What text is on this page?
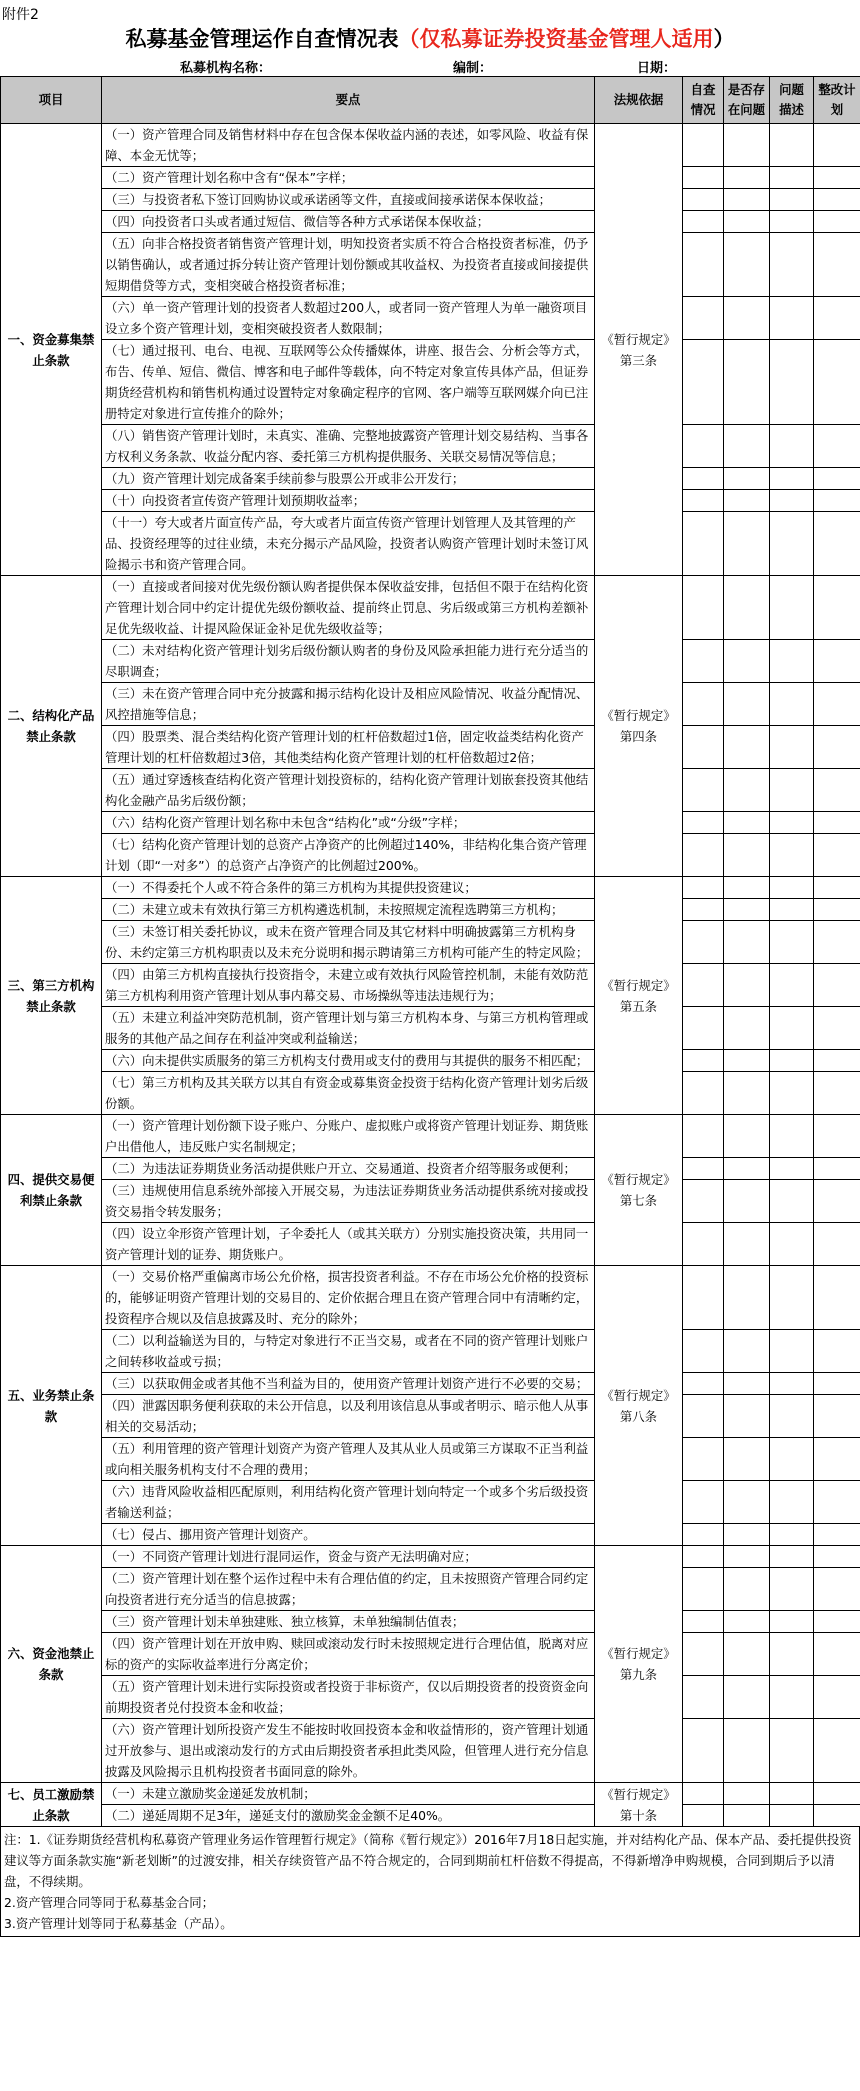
附件2
私募基金管理运作自查情况表（仅私募证券投资基金管理人适用）
私募机构名称：	编制：	日期：
项目	要点	法规依据	自查情况	是否存在问题	问题描述	整改计划
一、资金募集禁止条款	（一）资产管理合同及销售材料中存在包含保本保收益内涵的表述，如零风险、收益有保障、本金无忧等；	《暂行规定》第三条				
	（二）资产管理计划名称中含有“保本”字样；					
	（三）与投资者私下签订回购协议或承诺函等文件，直接或间接承诺保本保收益；					
	（四）向投资者口头或者通过短信、微信等各种方式承诺保本保收益；					
	（五）向非合格投资者销售资产管理计划，明知投资者实质不符合合格投资者标准，仍予以销售确认，或者通过拆分转让资产管理计划份额或其收益权、为投资者直接或间接提供短期借贷等方式，变相突破合格投资者标准；					
	（六）单一资产管理计划的投资者人数超过200人，或者同一资产管理人为单一融资项目设立多个资产管理计划，变相突破投资者人数限制；					
	（七）通过报刊、电台、电视、互联网等公众传播媒体，讲座、报告会、分析会等方式，布告、传单、短信、微信、博客和电子邮件等载体，向不特定对象宣传具体产品，但证券期货经营机构和销售机构通过设置特定对象确定程序的官网、客户端等互联网媒介向已注册特定对象进行宣传推介的除外；					
	（八）销售资产管理计划时，未真实、准确、完整地披露资产管理计划交易结构、当事各方权利义务条款、收益分配内容、委托第三方机构提供服务、关联交易情况等信息；					
	（九）资产管理计划完成备案手续前参与股票公开或非公开发行；					
	（十）向投资者宣传资产管理计划预期收益率；					
	（十一）夸大或者片面宣传产品，夸大或者片面宣传资产管理计划管理人及其管理的产品、投资经理等的过往业绩，未充分揭示产品风险，投资者认购资产管理计划时未签订风险揭示书和资产管理合同。					
二、结构化产品禁止条款	（一）直接或者间接对优先级份额认购者提供保本保收益安排，包括但不限于在结构化资产管理计划合同中约定计提优先级份额收益、提前终止罚息、劣后级或第三方机构差额补足优先级收益、计提风险保证金补足优先级收益等；	《暂行规定》第四条				
	（二）未对结构化资产管理计划劣后级份额认购者的身份及风险承担能力进行充分适当的尽职调查；					
	（三）未在资产管理合同中充分披露和揭示结构化设计及相应风险情况、收益分配情况、风控措施等信息；					
	（四）股票类、混合类结构化资产管理计划的杠杆倍数超过1倍，固定收益类结构化资产管理计划的杠杆倍数超过3倍，其他类结构化资产管理计划的杠杆倍数超过2倍；					
	（五）通过穿透核查结构化资产管理计划投资标的，结构化资产管理计划嵌套投资其他结构化金融产品劣后级份额；					
	（六）结构化资产管理计划名称中未包含“结构化”或“分级”字样；					
	（七）结构化资产管理计划的总资产占净资产的比例超过140%，非结构化集合资产管理计划（即“一对多”）的总资产占净资产的比例超过200%。					
三、第三方机构禁止条款	（一）不得委托个人或不符合条件的第三方机构为其提供投资建议；	《暂行规定》第五条				
	（二）未建立或未有效执行第三方机构遴选机制，未按照规定流程选聘第三方机构；					
	（三）未签订相关委托协议，或未在资产管理合同及其它材料中明确披露第三方机构身份、未约定第三方机构职责以及未充分说明和揭示聘请第三方机构可能产生的特定风险；					
	（四）由第三方机构直接执行投资指令，未建立或有效执行风险管控机制，未能有效防范第三方机构利用资产管理计划从事内幕交易、市场操纵等违法违规行为；					
	（五）未建立利益冲突防范机制，资产管理计划与第三方机构本身、与第三方机构管理或服务的其他产品之间存在利益冲突或利益输送；					
	（六）向未提供实质服务的第三方机构支付费用或支付的费用与其提供的服务不相匹配；					
	（七）第三方机构及其关联方以其自有资金或募集资金投资于结构化资产管理计划劣后级份额。					
四、提供交易便利禁止条款	（一）资产管理计划份额下设子账户、分账户、虚拟账户或将资产管理计划证券、期货账户出借他人，违反账户实名制规定；	《暂行规定》第七条				
	（二）为违法证券期货业务活动提供账户开立、交易通道、投资者介绍等服务或便利；					
	（三）违规使用信息系统外部接入开展交易，为违法证券期货业务活动提供系统对接或投资交易指令转发服务；					
	（四）设立伞形资产管理计划，子伞委托人（或其关联方）分别实施投资决策，共用同一资产管理计划的证券、期货账户。					
五、业务禁止条款	（一）交易价格严重偏离市场公允价格，损害投资者利益。不存在市场公允价格的投资标的，能够证明资产管理计划的交易目的、定价依据合理且在资产管理合同中有清晰约定，投资程序合规以及信息披露及时、充分的除外；	《暂行规定》第八条				
	（二）以利益输送为目的，与特定对象进行不正当交易，或者在不同的资产管理计划账户之间转移收益或亏损；					
	（三）以获取佣金或者其他不当利益为目的，使用资产管理计划资产进行不必要的交易；					
	（四）泄露因职务便利获取的未公开信息，以及利用该信息从事或者明示、暗示他人从事相关的交易活动；					
	（五）利用管理的资产管理计划资产为资产管理人及其从业人员或第三方谋取不正当利益或向相关服务机构支付不合理的费用；					
	（六）违背风险收益相匹配原则，利用结构化资产管理计划向特定一个或多个劣后级投资者输送利益；					
	（七）侵占、挪用资产管理计划资产。					
六、资金池禁止条款	（一）不同资产管理计划进行混同运作，资金与资产无法明确对应；	《暂行规定》第九条				
	（二）资产管理计划在整个运作过程中未有合理估值的约定，且未按照资产管理合同约定向投资者进行充分适当的信息披露；					
	（三）资产管理计划未单独建账、独立核算，未单独编制估值表；					
	（四）资产管理计划在开放申购、赎回或滚动发行时未按照规定进行合理估值，脱离对应标的资产的实际收益率进行分离定价；					
	（五）资产管理计划未进行实际投资或者投资于非标资产，仅以后期投资者的投资资金向前期投资者兑付投资本金和收益；					
	（六）资产管理计划所投资产发生不能按时收回投资本金和收益情形的，资产管理计划通过开放参与、退出或滚动发行的方式由后期投资者承担此类风险，但管理人进行充分信息披露及风险揭示且机构投资者书面同意的除外。					
七、员工激励禁止条款	（一）未建立激励奖金递延发放机制；	《暂行规定》第十条				
	（二）递延周期不足3年，递延支付的激励奖金金额不足40%。					
注：1.《证券期货经营机构私募资产管理业务运作管理暂行规定》（简称《暂行规定》）2016年7月18日起实施，并对结构化产品、保本产品、委托提供投资建议等方面条款实施“新老划断”的过渡安排，相关存续资管产品不符合规定的，合同到期前杠杆倍数不得提高，不得新增净申购规模，合同到期后予以清盘，不得续期。
2.资产管理合同等同于私募基金合同；
3.资产管理计划等同于私募基金（产品）。
